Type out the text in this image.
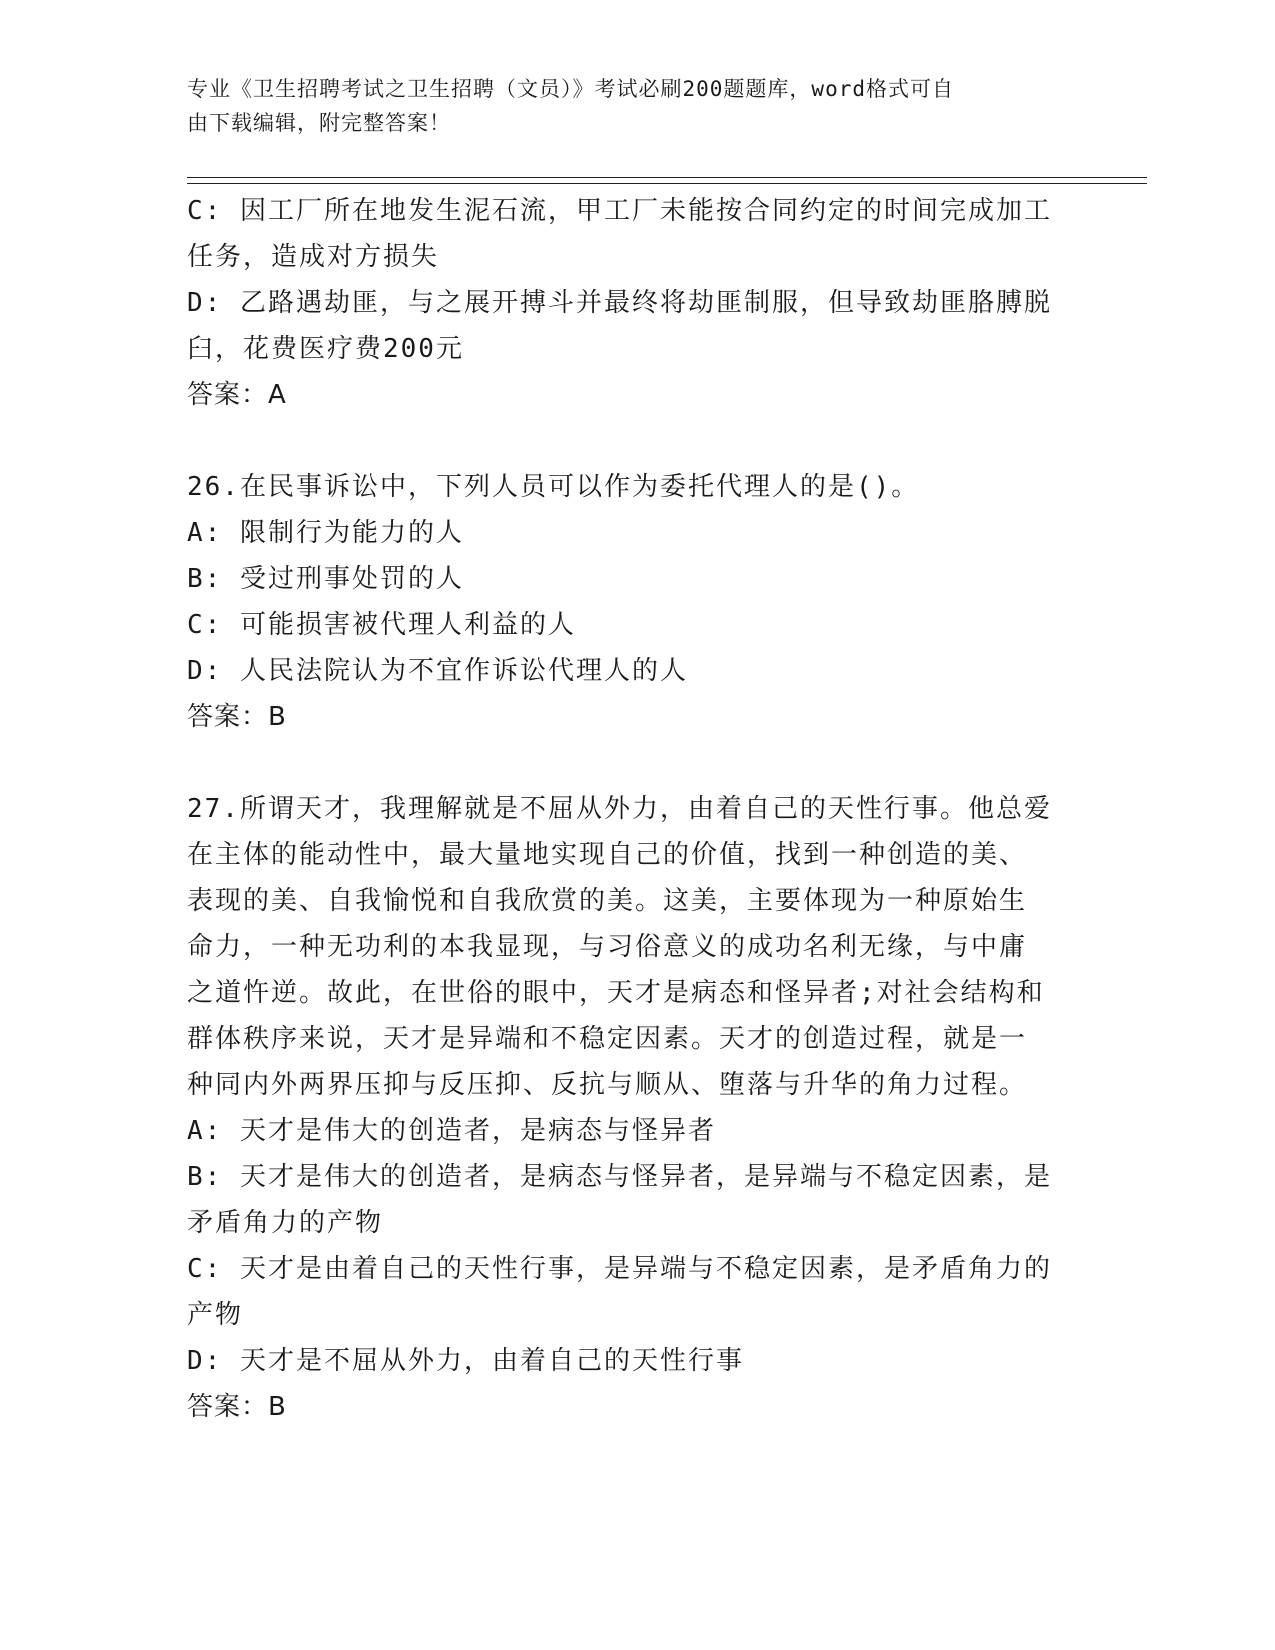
专业《卫生招聘考试之卫生招聘（文员）》考试必刷200题题库，word格式可自
由下载编辑，附完整答案！
C: 因工厂所在地发生泥石流，甲工厂未能按合同约定的时间完成加工
任务，造成对方损失
D: 乙路遇劫匪，与之展开搏斗并最终将劫匪制服，但导致劫匪胳膊脱
臼，花费医疗费200元
答案：A
26.在民事诉讼中，下列人员可以作为委托代理人的是()。
A: 限制行为能力的人
B: 受过刑事处罚的人
C: 可能损害被代理人利益的人
D: 人民法院认为不宜作诉讼代理人的人
答案：B
27.所谓天才，我理解就是不屈从外力，由着自己的天性行事。他总爱
在主体的能动性中，最大量地实现自己的价值，找到一种创造的美、
表现的美、自我愉悦和自我欣赏的美。这美，主要体现为一种原始生
命力，一种无功利的本我显现，与习俗意义的成功名利无缘，与中庸
之道忤逆。故此，在世俗的眼中，天才是病态和怪异者;对社会结构和
群体秩序来说，天才是异端和不稳定因素。天才的创造过程，就是一
种同内外两界压抑与反压抑、反抗与顺从、堕落与升华的角力过程。
A: 天才是伟大的创造者，是病态与怪异者
B: 天才是伟大的创造者，是病态与怪异者，是异端与不稳定因素，是
矛盾角力的产物
C: 天才是由着自己的天性行事，是异端与不稳定因素，是矛盾角力的
产物
D: 天才是不屈从外力，由着自己的天性行事
答案：B
